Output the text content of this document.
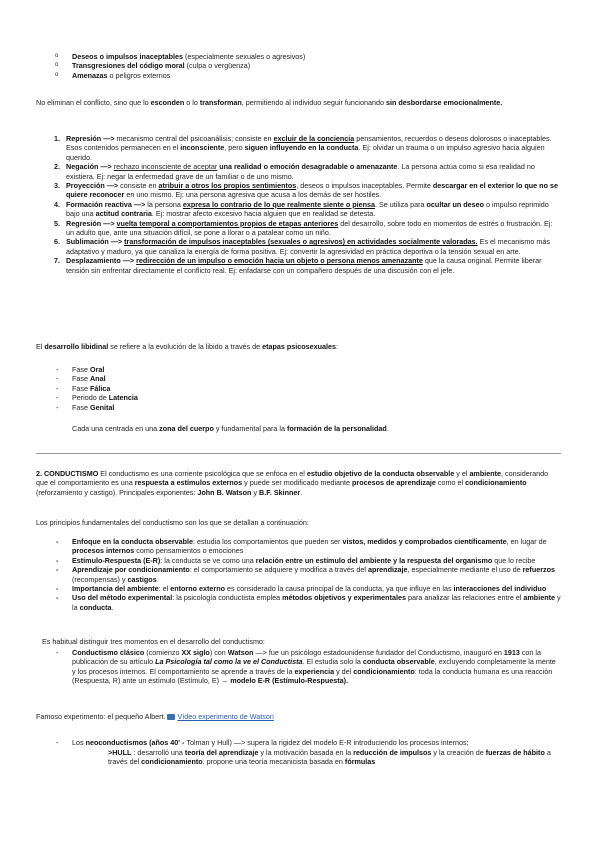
o Deseos o impulsos inaceptables (especialmente sexuales o agresivos)
o Transgresiones del código moral (culpa o vergüenza)
o Amenazas o peligros externos

No eliminan el conflicto, sino que lo esconden o lo transforman, permitiendo al individuo seguir funcionando sin desbordarse emocionalmente.

1. Represión —> mecanismo central del psicoanálisis; consiste en excluir de la conciencia pensamientos, recuerdos o deseos dolorosos o inaceptables. Esos contenidos permanecen en el inconsciente, pero siguen influyendo en la conducta. Ej: olvidar un trauma o un impulso agresivo hacia alguien querido.
2. Negación —> rechazo inconsciente de aceptar una realidad o emoción desagradable o amenazante. La persona actúa como si esa realidad no existiera. Ej: negar la enfermedad grave de un familiar o de uno mismo.
3. Proyección —> consiste en atribuir a otros los propios sentimientos, deseos o impulsos inaceptables. Permite descargar en el exterior lo que no se quiere reconocer en uno mismo. Ej: una persona agresiva que acusa a los demás de ser hostiles.
4. Formación reactiva —> la persona expresa lo contrario de lo que realmente siente o piensa. Se utiliza para ocultar un deseo o impulso reprimido bajo una actitud contraria. Ej: mostrar afecto excesivo hacia alguien que en realidad se detesta.
5. Regresión —> vuelta temporal a comportamientos propios de etapas anteriores del desarrollo, sobre todo en momentos de estrés o frustración. Ej: un adulto que, ante una situación difícil, se pone a llorar o a patalear como un niño.
6. Sublimación —> transformación de impulsos inaceptables (sexuales o agresivos) en actividades socialmente valoradas. Es el mecanismo más adaptativo y maduro, ya que canaliza la energía de forma positiva. Ej: convertir la agresividad en práctica deportiva o la tensión sexual en arte.
7. Desplazamiento —> redirección de un impulso o emoción hacia un objeto o persona menos amenazante que la causa original. Permite liberar tensión sin enfrentar directamente el conflicto real. Ej: enfadarse con un compañero después de una discusión con el jefe.

El desarrollo libidinal se refiere a la evolución de la libido a través de etapas psicosexuales:

- Fase Oral
- Fase Anal
- Fase Fálica
- Periodo de Latencia
- Fase Genital
Cada una centrada en una zona del cuerpo y fundamental para la formación de la personalidad.

2. CONDUCTISMO El conductismo es una corriente psicológica que se enfoca en el estudio objetivo de la conducta observable y el ambiente, considerando que el comportamiento es una respuesta a estímulos externos y puede ser modificado mediante procesos de aprendizaje como el condicionamiento (reforzamiento y castigo). Principales exponentes: John B. Watson y B.F. Skinner.

Los principios fundamentales del conductismo son los que se detallan a continuación:

- Enfoque en la conducta observable: estudia los comportamientos que pueden ser vistos, medidos y comprobados científicamente, en lugar de procesos internos como pensamientos o emociones
- Estímulo-Respuesta (E-R): la conducta se ve como una relación entre un estímulo del ambiente y la respuesta del organismo que lo recibe
- Aprendizaje por condicionamiento: el comportamiento se adquiere y modifica a través del aprendizaje, especialmente mediante el uso de refuerzos (recompensas) y castigos
- Importancia del ambiente: el entorno externo es considerado la causa principal de la conducta, ya que influye en las interacciones del individuo
- Uso del método experimental: la psicología conductista emplea métodos objetivos y experimentales para analizar las relaciones entre el ambiente y la conducta.

Es habitual distinguir tres momentos en el desarrollo del conductismo:

- Conductismo clásico (comienzo XX siglo) con Watson —> fue un psicólogo estadounidense fundador del Conductismo, inauguró en 1913 con la publicación de su artículo La Psicología tal como la ve el Conductista. El estudia solo la conducta observable, excluyendo completamente la mente y los procesos internos. El comportamiento se aprende a través de la experiencia y del condicionamiento: toda la conducta humana es una reacción (Respuesta, R) ante un estímulo (Estímulo, E) → modelo E-R (Estímulo-Respuesta).

Famoso experimento: el pequeño Albert. Vídeo experimento de Watson

- Los neoconductismos (años 40' - Tolman y Hull) —> supera la rigidez del modelo E-R introduciendo los procesos internos;

>HULL : desarrolló una teoría del aprendizaje y la motivación basada en la reducción de impulsos y la creación de fuerzas de hábito a través del condicionamiento. propone una teoría mecanicista basada en fórmulas
